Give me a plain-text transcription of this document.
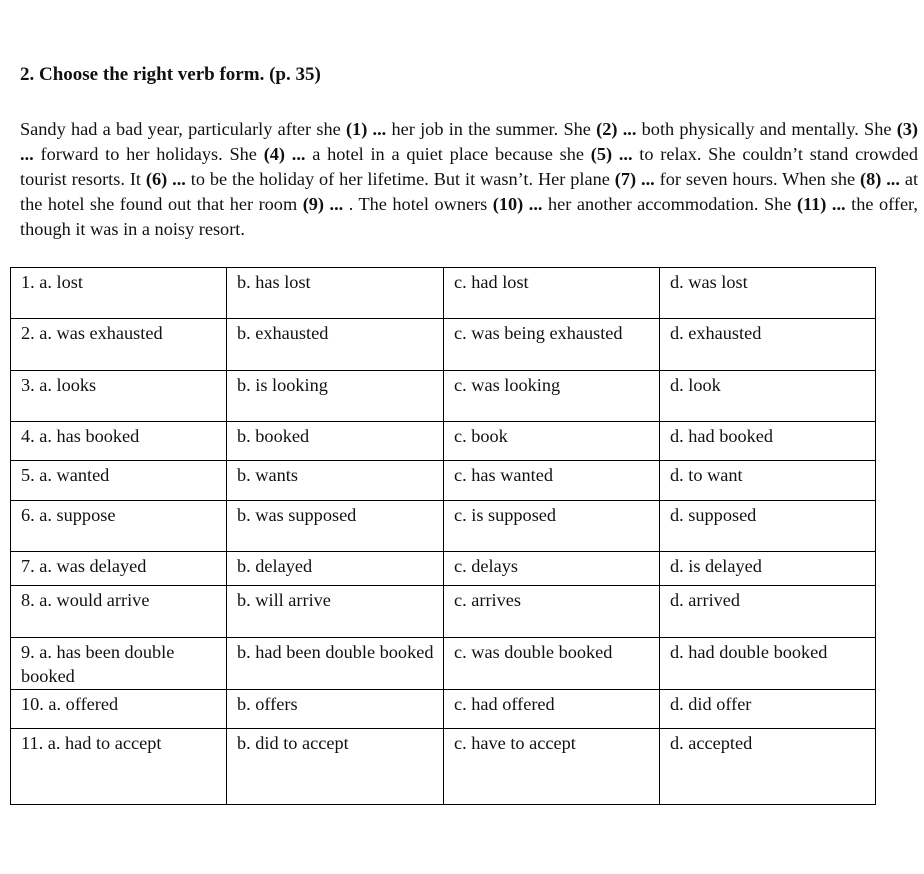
2. Choose the right verb form. (p. 35)

Sandy had a bad year, particularly after she (1) ... her job in the summer. She (2) ... both physically and mentally. She (3) ... forward to her holidays. She (4) ... a hotel in a quiet place because she (5) ... to relax. She couldn’t stand crowded tourist resorts. It (6) ... to be the holiday of her lifetime. But it wasn’t. Her plane (7) ... for seven hours. When she (8) ... at the hotel she found out that her room (9) ... . The hotel owners (10) ... her another accommodation. She (11) ... the offer, though it was in a noisy resort.

1. a. lost	b. has lost	c. had lost	d. was lost
2. a. was exhausted	b. exhausted	c. was being exhausted	d. exhausted
3. a. looks	b. is looking	c. was looking	d. look
4. a. has booked	b. booked	c. book	d. had booked
5. a. wanted	b. wants	c. has wanted	d. to want
6. a. suppose	b. was supposed	c. is supposed	d. supposed
7. a. was delayed	b. delayed	c. delays	d. is delayed
8. a. would arrive	b. will arrive	c. arrives	d. arrived
9. a. has been double booked	b. had been double booked	c. was double booked	d. had double booked
10. a. offered	b. offers	c. had offered	d. did offer
11. a. had to accept	b. did to accept	c. have to accept	d. accepted
